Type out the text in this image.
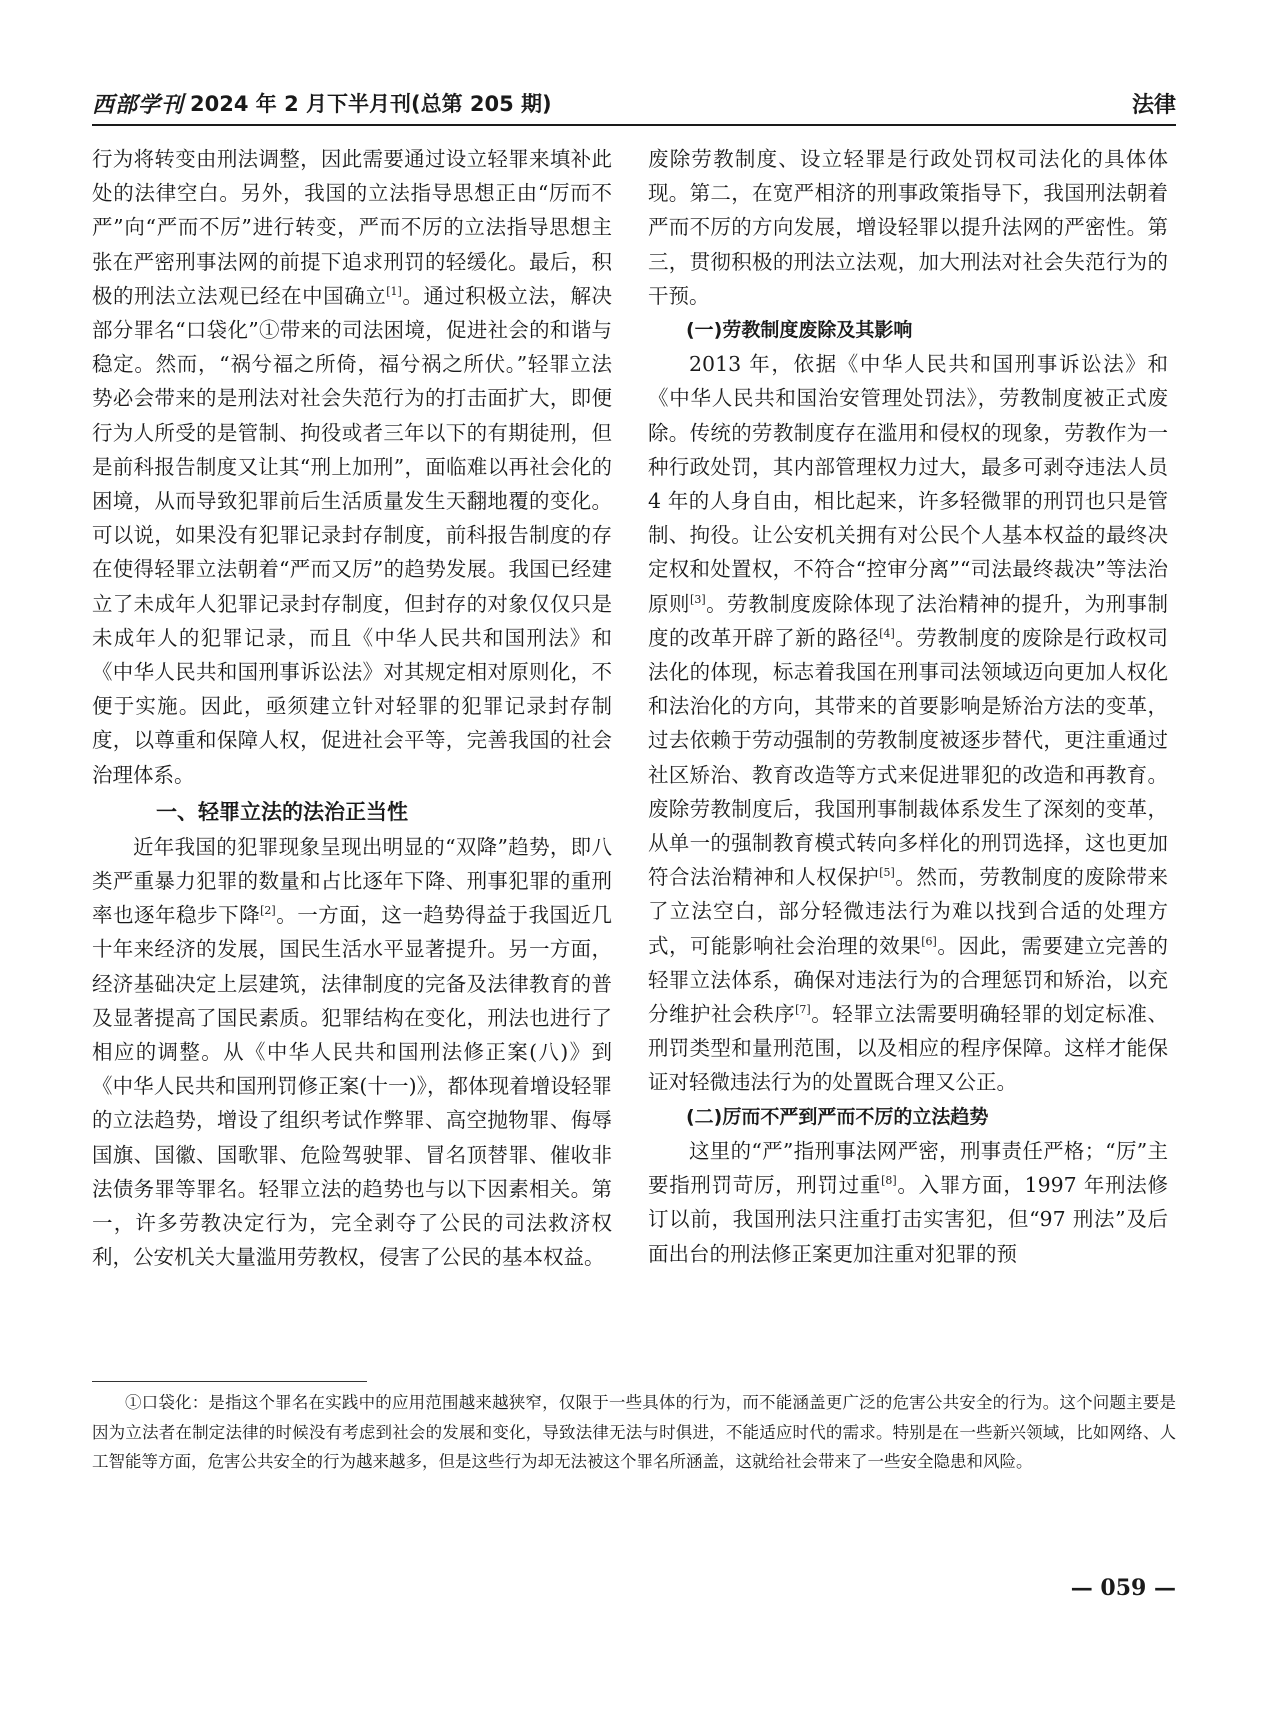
西部学刊 2024 年 2 月下半月刊(总第 205 期)	法律

行为将转变由刑法调整，因此需要通过设立轻罪来填补此处的法律空白。另外，我国的立法指导思想正由“厉而不严”向“严而不厉”进行转变，严而不厉的立法指导思想主张在严密刑事法网的前提下追求刑罚的轻缓化。最后，积极的刑法立法观已经在中国确立[1]。通过积极立法，解决部分罪名“口袋化”①带来的司法困境，促进社会的和谐与稳定。然而，“祸兮福之所倚，福兮祸之所伏。”轻罪立法势必会带来的是刑法对社会失范行为的打击面扩大，即便行为人所受的是管制、拘役或者三年以下的有期徒刑，但是前科报告制度又让其“刑上加刑”，面临难以再社会化的困境，从而导致犯罪前后生活质量发生天翻地覆的变化。可以说，如果没有犯罪记录封存制度，前科报告制度的存在使得轻罪立法朝着“严而又厉”的趋势发展。我国已经建立了未成年人犯罪记录封存制度，但封存的对象仅仅只是未成年人的犯罪记录，而且《中华人民共和国刑法》和《中华人民共和国刑事诉讼法》对其规定相对原则化，不便于实施。因此，亟须建立针对轻罪的犯罪记录封存制度，以尊重和保障人权，促进社会平等，完善我国的社会治理体系。

一、轻罪立法的法治正当性

近年我国的犯罪现象呈现出明显的“双降”趋势，即八类严重暴力犯罪的数量和占比逐年下降、刑事犯罪的重刑率也逐年稳步下降[2]。一方面，这一趋势得益于我国近几十年来经济的发展，国民生活水平显著提升。另一方面，经济基础决定上层建筑，法律制度的完备及法律教育的普及显著提高了国民素质。犯罪结构在变化，刑法也进行了相应的调整。从《中华人民共和国刑法修正案(八)》到《中华人民共和国刑罚修正案(十一)》，都体现着增设轻罪的立法趋势，增设了组织考试作弊罪、高空抛物罪、侮辱国旗、国徽、国歌罪、危险驾驶罪、冒名顶替罪、催收非法债务罪等罪名。轻罪立法的趋势也与以下因素相关。第一，许多劳教决定行为，完全剥夺了公民的司法救济权利，公安机关大量滥用劳教权，侵害了公民的基本权益。

废除劳教制度、设立轻罪是行政处罚权司法化的具体体现。第二，在宽严相济的刑事政策指导下，我国刑法朝着严而不厉的方向发展，增设轻罪以提升法网的严密性。第三，贯彻积极的刑法立法观，加大刑法对社会失范行为的干预。

(一)劳教制度废除及其影响

2013 年，依据《中华人民共和国刑事诉讼法》和《中华人民共和国治安管理处罚法》，劳教制度被正式废除。传统的劳教制度存在滥用和侵权的现象，劳教作为一种行政处罚，其内部管理权力过大，最多可剥夺违法人员 4 年的人身自由，相比起来，许多轻微罪的刑罚也只是管制、拘役。让公安机关拥有对公民个人基本权益的最终决定权和处置权，不符合“控审分离”“司法最终裁决”等法治原则[3]。劳教制度废除体现了法治精神的提升，为刑事制度的改革开辟了新的路径[4]。劳教制度的废除是行政权司法化的体现，标志着我国在刑事司法领域迈向更加人权化和法治化的方向，其带来的首要影响是矫治方法的变革，过去依赖于劳动强制的劳教制度被逐步替代，更注重通过社区矫治、教育改造等方式来促进罪犯的改造和再教育。废除劳教制度后，我国刑事制裁体系发生了深刻的变革，从单一的强制教育模式转向多样化的刑罚选择，这也更加符合法治精神和人权保护[5]。然而，劳教制度的废除带来了立法空白，部分轻微违法行为难以找到合适的处理方式，可能影响社会治理的效果[6]。因此，需要建立完善的轻罪立法体系，确保对违法行为的合理惩罚和矫治，以充分维护社会秩序[7]。轻罪立法需要明确轻罪的划定标准、刑罚类型和量刑范围，以及相应的程序保障。这样才能保证对轻微违法行为的处置既合理又公正。

(二)厉而不严到严而不厉的立法趋势

这里的“严”指刑事法网严密，刑事责任严格；“厉”主要指刑罚苛厉，刑罚过重[8]。入罪方面，1997 年刑法修订以前，我国刑法只注重打击实害犯，但“97 刑法”及后面出台的刑法修正案更加注重对犯罪的预

①口袋化：是指这个罪名在实践中的应用范围越来越狭窄，仅限于一些具体的行为，而不能涵盖更广泛的危害公共安全的行为。这个问题主要是因为立法者在制定法律的时候没有考虑到社会的发展和变化，导致法律无法与时俱进，不能适应时代的需求。特别是在一些新兴领域，比如网络、人工智能等方面，危害公共安全的行为越来越多，但是这些行为却无法被这个罪名所涵盖，这就给社会带来了一些安全隐患和风险。
— 059 —
